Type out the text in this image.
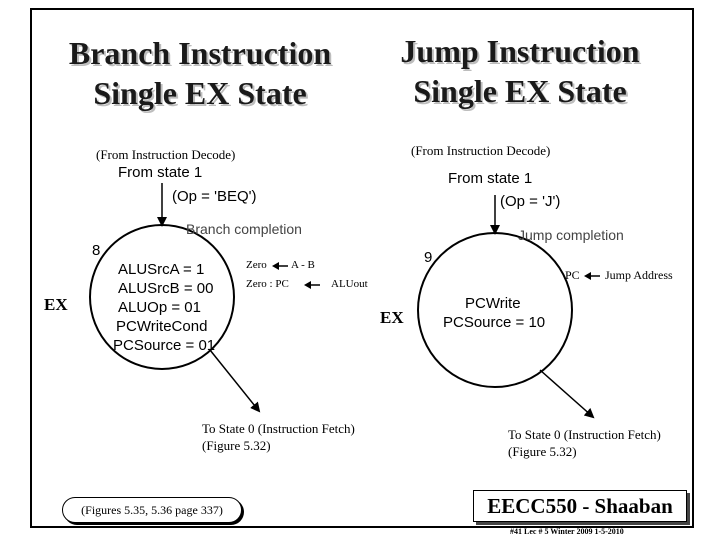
Branch Instruction
Single EX State
Jump Instruction
Single EX State
(From Instruction Decode)
From state 1
(Op = 'BEQ')
Branch completion
8
ALUSrcA = 1
ALUSrcB = 00
ALUOp = 01
PCWriteCond
PCSource = 01
Zero A - B
Zero : PC	ALUout
To State 0 (Instruction Fetch)
(Figure 5.32)
(From Instruction Decode)
From state 1
(Op = 'J')
Jump completion
9
PCWrite
PCSource = 10
PC Jump Address
To State 0 (Instruction Fetch)
(Figure 5.32)
EX
EX
(Figures 5.35, 5.36 page 337)	EECC550 - Shaaban
#41 Lec # 5 Winter 2009 1-5-2010
